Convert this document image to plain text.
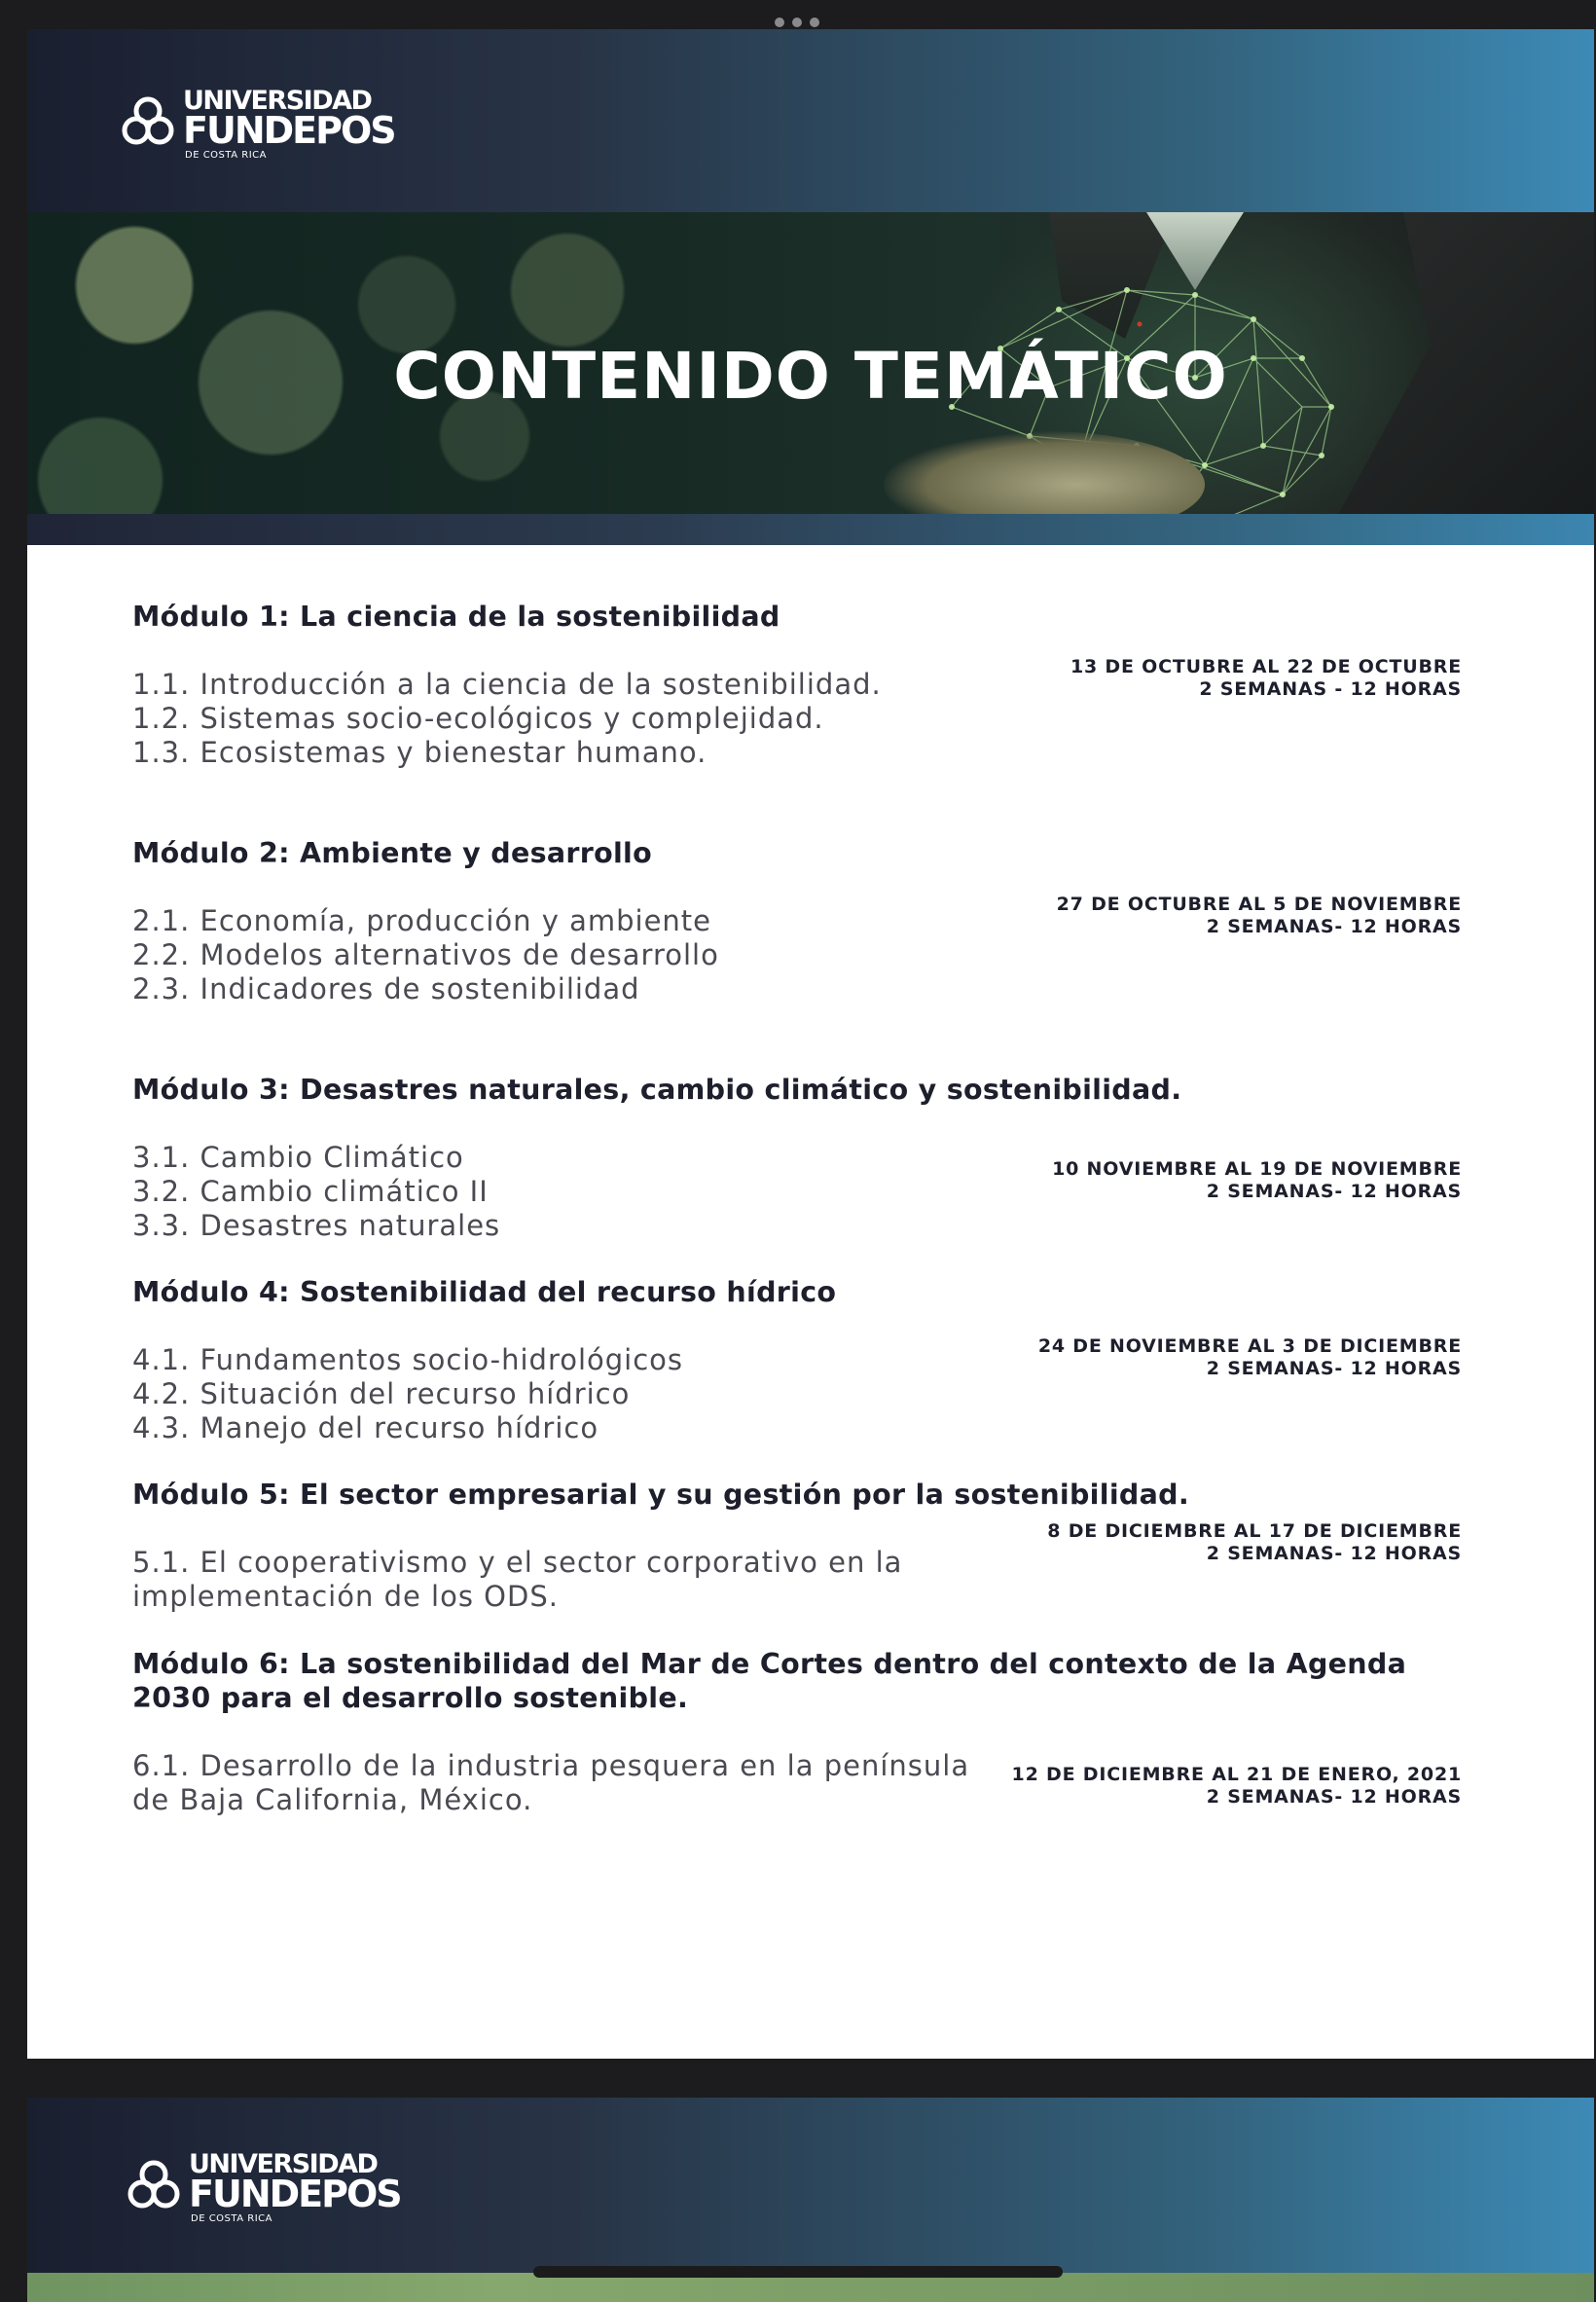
UNIVERSIDAD
FUNDEPOS
DE COSTA RICA
CONTENIDO TEMÁTICO

Módulo 1: La ciencia de la sostenibilidad

13 DE OCTUBRE AL 22 DE OCTUBRE
2 SEMANAS - 12 HORAS
1.1. Introducción a la ciencia de la sostenibilidad.
1.2. Sistemas socio-ecológicos y complejidad.
1.3. Ecosistemas y bienestar humano.

Módulo 2: Ambiente y desarrollo

27 DE OCTUBRE AL 5 DE NOVIEMBRE
2 SEMANAS- 12 HORAS
2.1. Economía, producción y ambiente
2.2. Modelos alternativos de desarrollo
2.3. Indicadores de sostenibilidad

Módulo 3: Desastres naturales, cambio climático y sostenibilidad.

10 NOVIEMBRE AL 19 DE NOVIEMBRE
2 SEMANAS- 12 HORAS
3.1. Cambio Climático
3.2. Cambio climático II
3.3. Desastres naturales

Módulo 4: Sostenibilidad del recurso hídrico

24 DE NOVIEMBRE AL 3 DE DICIEMBRE
2 SEMANAS- 12 HORAS
4.1. Fundamentos socio-hidrológicos
4.2. Situación del recurso hídrico
4.3. Manejo del recurso hídrico

Módulo 5: El sector empresarial y su gestión por la sostenibilidad.

8 DE DICIEMBRE AL 17 DE DICIEMBRE
2 SEMANAS- 12 HORAS
5.1. El cooperativismo y el sector corporativo en la
implementación de los ODS.

Módulo 6: La sostenibilidad del Mar de Cortes dentro del contexto de la Agenda
2030 para el desarrollo sostenible.

12 DE DICIEMBRE AL 21 DE ENERO, 2021
2 SEMANAS- 12 HORAS
6.1. Desarrollo de la industria pesquera en la península
de Baja California, México.
UNIVERSIDAD
FUNDEPOS
DE COSTA RICA
